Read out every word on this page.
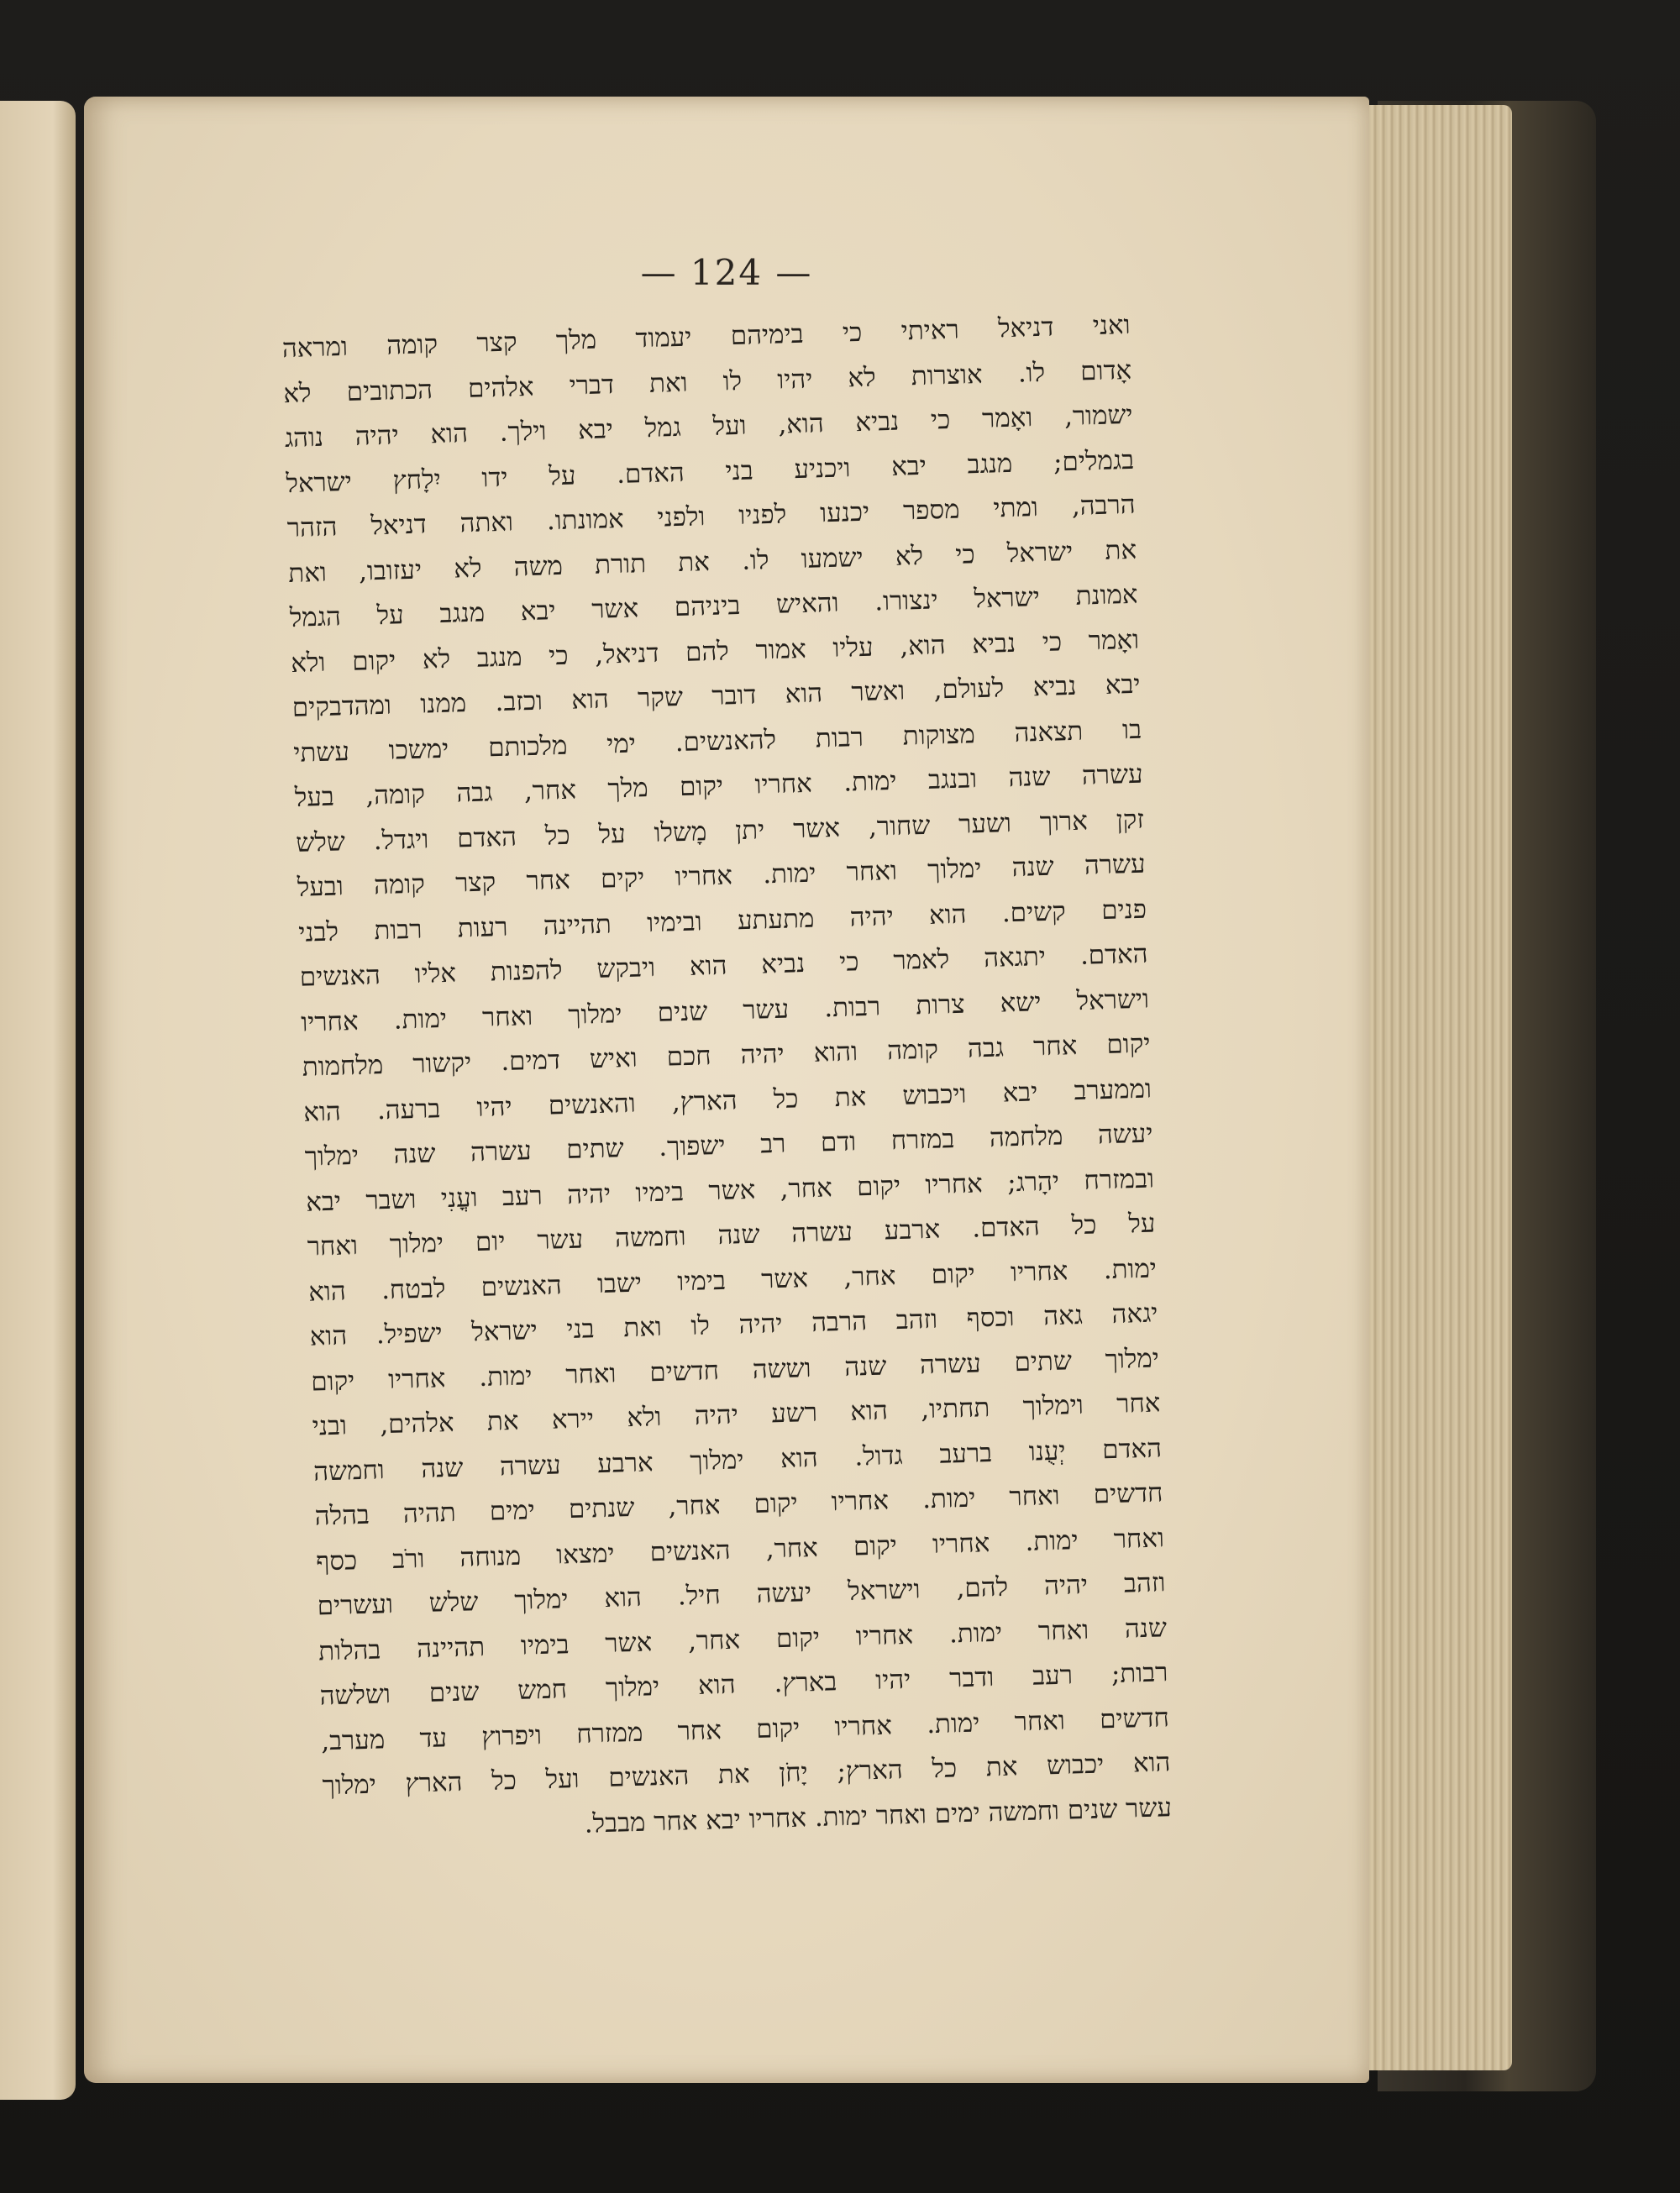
— 124 —
ואני דניאל ראיתי כי בימיהם יעמוד מלך קצר קומה ומראה
אָדום לו. אוצרות לא יהיו לו ואת דברי אלהים הכתובים לא
ישמור, ואָמר כי נביא הוא, ועל גמל יבא וילך. הוא יהיה נוהג
בגמלים; מנגב יבא ויכניע בני האדם. על ידו יִלָחץ ישראל
הרבה, ומתי מספר יכנעו לפניו ולפני אמונתו. ואתה דניאל הזהר
את ישראל כי לא ישמעו לו. את תורת משה לא יעזובו, ואת
אמונת ישראל ינצורו. והאיש ביניהם אשר יבא מנגב על הגמל
ואָמר כי נביא הוא, עליו אמור להם דניאל, כי מנגב לא יקום ולא
יבא נביא לעולם, ואשר הוא דובר שקר הוא וכזב. ממנו ומהדבקים
בו תצאנה מצוקות רבות להאנשים. ימי מלכותם ימשכו עשתי
עשרה שנה ובנגב ימות. אחריו יקום מלך אחר, גבה קומה, בעל
זקן ארוך ושער שחור, אשר יתן מָשלו על כל האדם ויגדל. שלש
עשרה שנה ימלוך ואחר ימות. אחריו יקים אחר קצר קומה ובעל
פנים קשים. הוא יהיה מתעתע ובימיו תהיינה רעות רבות לבני
האדם. יתגאה לאמר כי נביא הוא ויבקש להפנות אליו האנשים
וישראל ישא צרות רבות. עשר שנים ימלוך ואחר ימות. אחריו
יקום אחר גבה קומה והוא יהיה חכם ואיש דמים. יקשור מלחמות
וממערב יבא ויכבוש את כל הארץ, והאנשים יהיו ברעה. הוא
יעשה מלחמה במזרח ודם רב ישפוך. שתים עשרה שנה ימלוך
ובמזרח יהָרג; אחריו יקום אחר, אשר בימיו יהיה רעב ועֳנִי ושבר יבא
על כל האדם. ארבע עשרה שנה וחמשה עשר יום ימלוך ואחר
ימות. אחריו יקום אחר, אשר בימיו ישבו האנשים לבטח. הוא
יגאה גאה וכסף וזהב הרבה יהיה לו ואת בני ישראל ישפיל. הוא
ימלוך שתים עשרה שנה וששה חדשים ואחר ימות. אחריו יקום
אחר וימלוך תחתיו, הוא רשע יהיה ולא יירא את אלהים, ובני
האדם יְעֻנו ברעב גדול. הוא ימלוך ארבע עשרה שנה וחמשה
חדשים ואחר ימות. אחריו יקום אחר, שנתים ימים תהיה בהלה
ואחר ימות. אחריו יקום אחר, האנשים ימצאו מנוחה ורֹב כסף
וזהב יהיה להם, וישראל יעשה חיל. הוא ימלוך שלש ועשרים
שנה ואחר ימות. אחריו יקום אחר, אשר בימיו תהיינה בהלות
רבות; רעב ודבר יהיו בארץ. הוא ימלוך חמש שנים ושלשה
חדשים ואחר ימות. אחריו יקום אחר ממזרח ויפרוץ עד מערב,
הוא יכבוש את כל הארץ; יָחֹן את האנשים ועל כל הארץ ימלוך
עשר שנים וחמשה ימים ואחר ימות. אחריו יבא אחר מבבל.
